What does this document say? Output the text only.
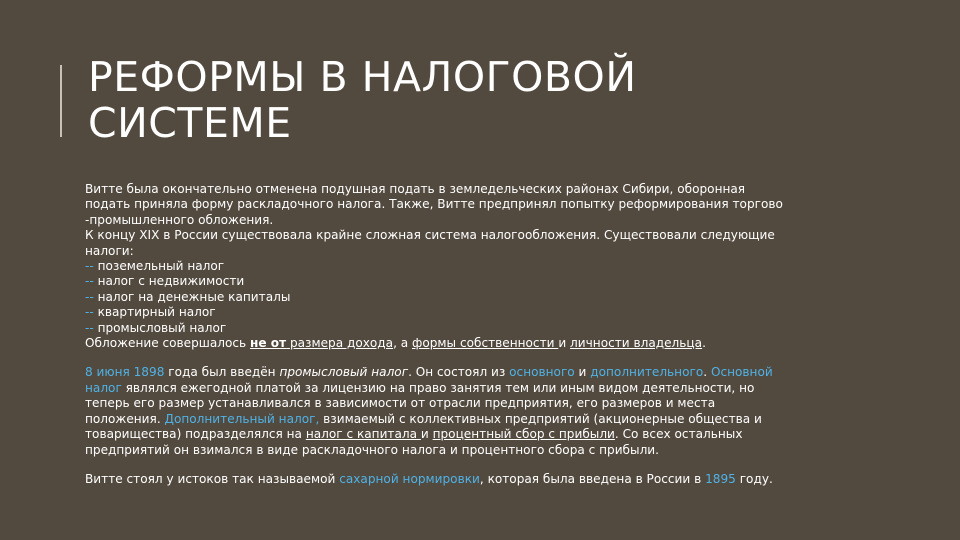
РЕФОРМЫ В НАЛОГОВОЙ
СИСТЕМЕ

Витте была окончательно отменена подушная подать в земледельческих районах Сибири, оборонная
подать приняла форму раскладочного налога. Также, Витте предпринял попытку реформирования торгово
-промышленного обложения.
К концу XIX в России существовала крайне сложная система налогообложения. Существовали следующие
налоги:

-- поземельный налог
-- налог с недвижимости
-- налог на денежные капиталы
-- квартирный налог
-- промысловый налог

Обложение совершалось не от размера дохода, а формы собственности и личности владельца.

8 июня 1898 года был введён промысловый налог. Он состоял из основного и дополнительного. Основной
налог являлся ежегодной платой за лицензию на право занятия тем или иным видом деятельности, но
теперь его размер устанавливался в зависимости от отрасли предприятия, его размеров и места
положения. Дополнительный налог, взимаемый с коллективных предприятий (акционерные общества и
товарищества) подразделялся на налог с капитала и процентный сбор с прибыли. Со всех остальных
предприятий он взимался в виде раскладочного налога и процентного сбора с прибыли.

Витте стоял у истоков так называемой сахарной нормировки, которая была введена в России в 1895 году.
